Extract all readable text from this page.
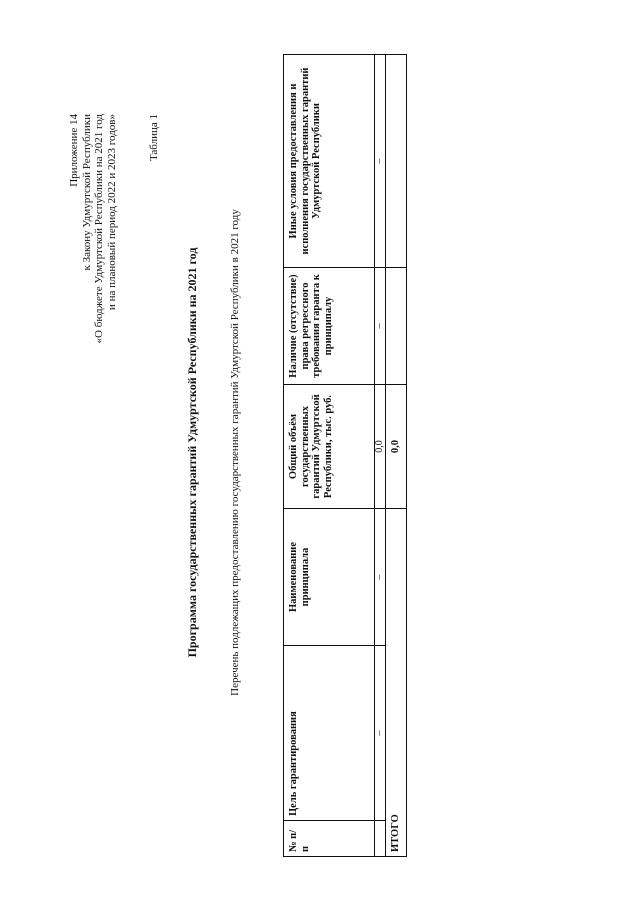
Приложение 14 к Закону Удмуртской Республики «О бюджете Удмуртской Республики на 2021 год и на плановый период 2022 и 2023 годов»	Таблица 1
Программа государственных гарантий Удмуртской Республики на 2021 год	Перечень подлежащих предоставлению государственных гарантий Удмуртской Республики в 2021 году
№ п/п	Цель гарантирования	Наименование принципала	Общий объём государственных гарантий Удмуртской Республики, тыс. руб.	Наличие (отсутствие) права регрессного требования гаранта к принципалу	Иные условия предоставления и исполнения государственных гарантий Удмуртской Республики
	–	–	0,0	–	–
ИТОГО			0,0		
